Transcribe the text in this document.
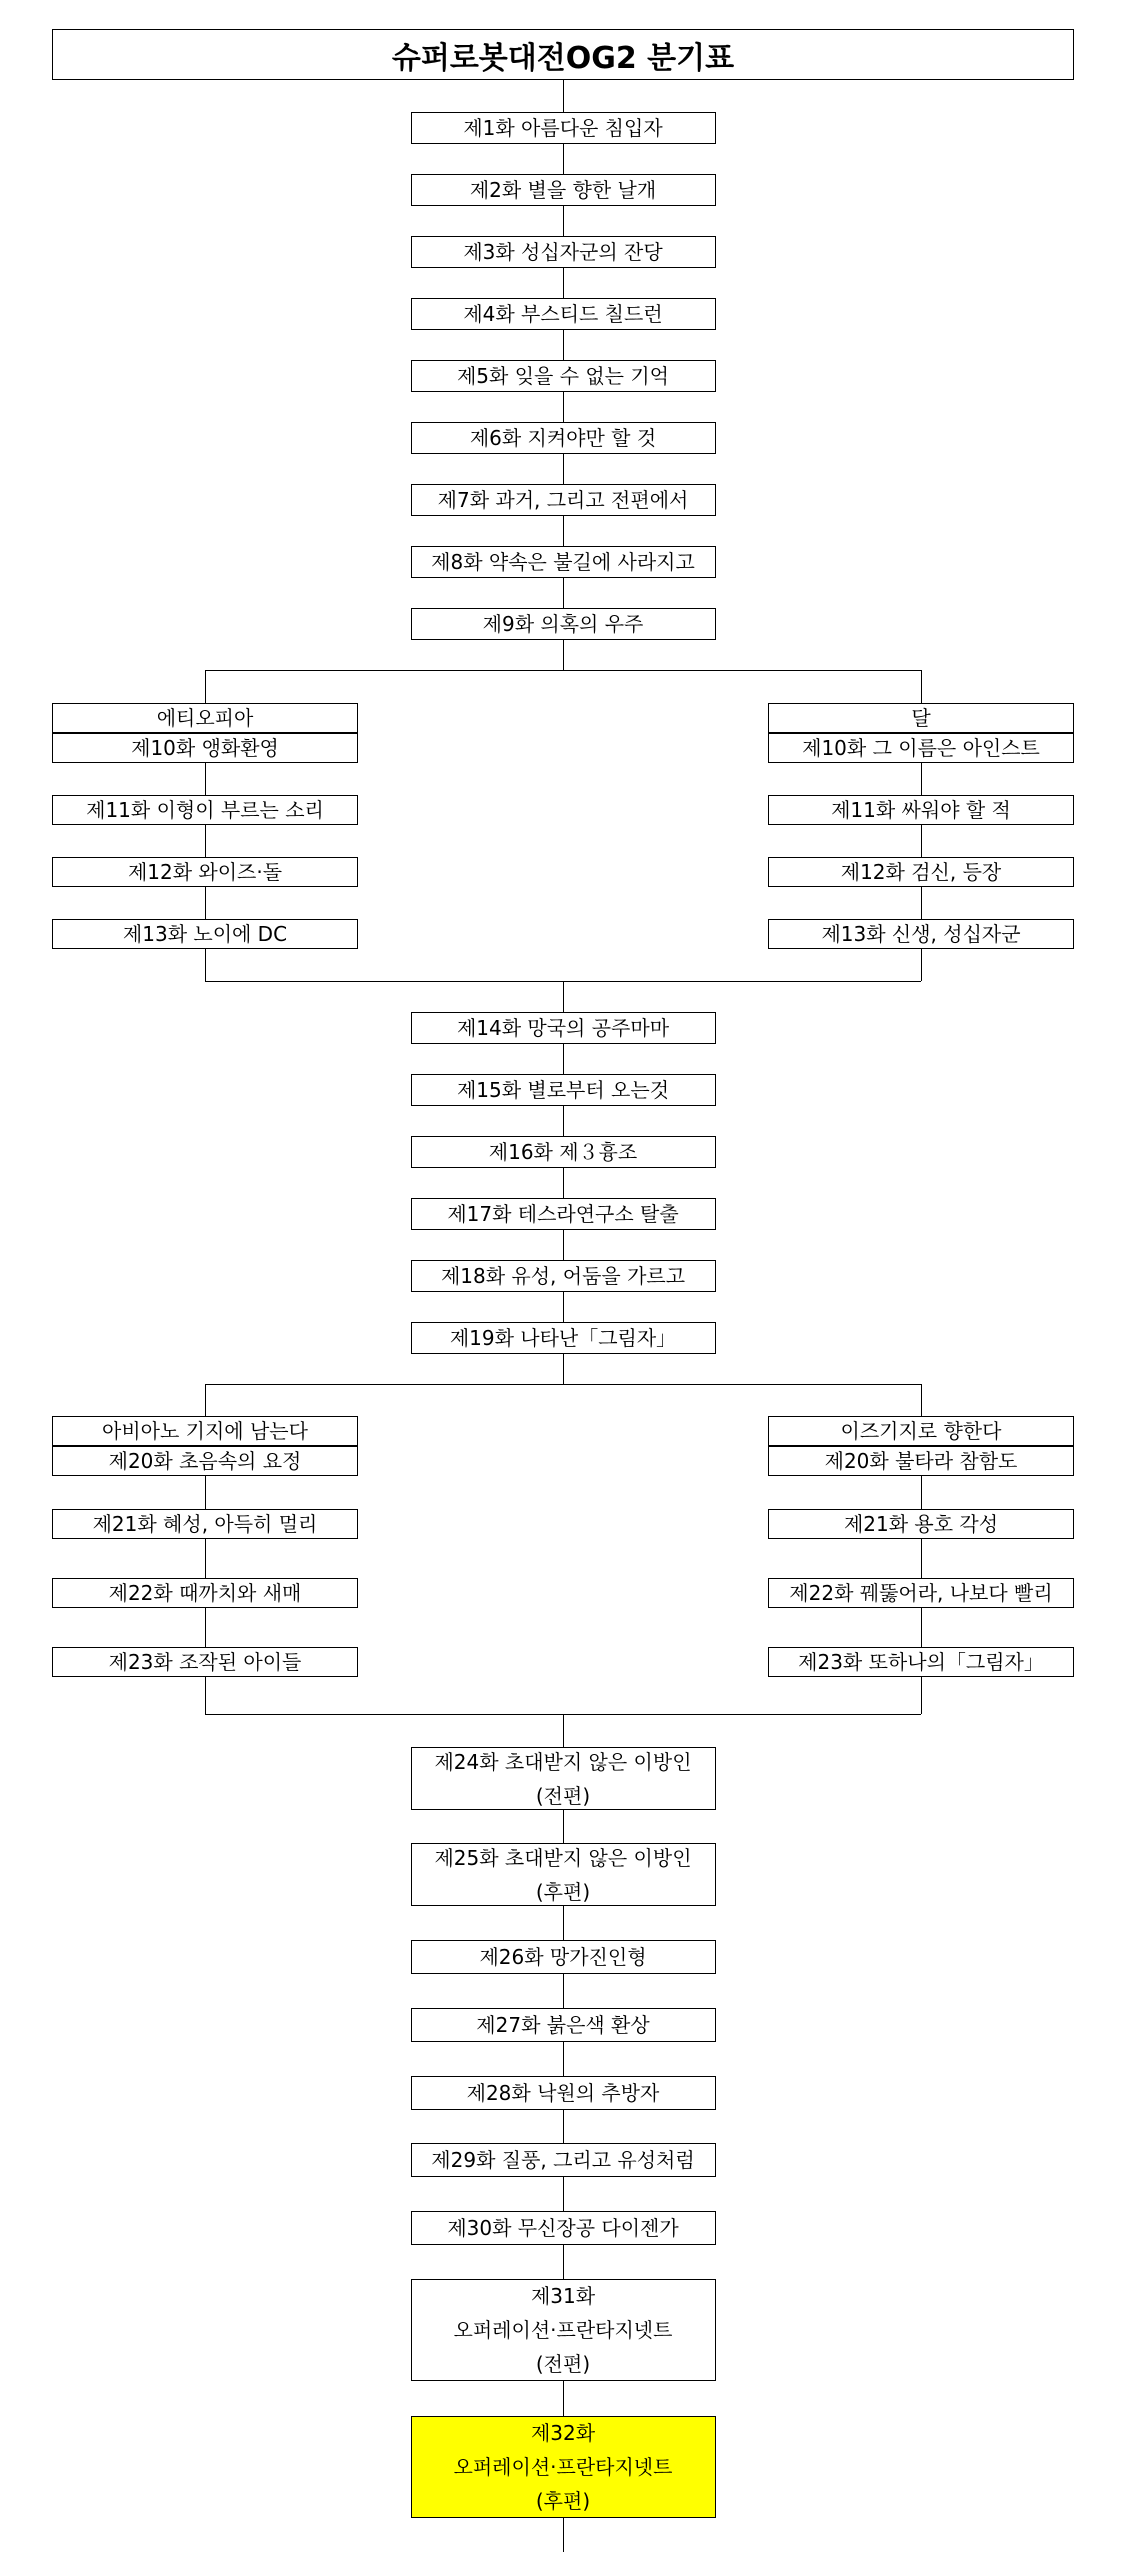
슈퍼로봇대전OG2 분기표
제1화 아름다운 침입자
제2화 별을 향한 날개
제3화 성십자군의 잔당
제4화 부스티드 칠드런
제5화 잊을 수 없는 기억
제6화 지켜야만 할 것
제7화 과거, 그리고 전편에서
제8화 약속은 불길에 사라지고
제9화 의혹의 우주
에티오피아
제10화 앵화환영
제11화 이형이 부르는 소리
제12화 와이즈·돌
제13화 노이에 DC
달
제10화 그 이름은 아인스트
제11화 싸워야 할 적
제12화 검신, 등장
제13화 신생, 성십자군
제14화 망국의 공주마마
제15화 별로부터 오는것
제16화 제３흉조
제17화 테스라연구소 탈출
제18화 유성, 어둠을 가르고
제19화 나타난「그림자」
아비아노 기지에 남는다
제20화 초음속의 요정
제21화 혜성, 아득히 멀리
제22화 때까치와 새매
제23화 조작된 아이들
이즈기지로 향한다
제20화 불타라 참함도
제21화 용호 각성
제22화 꿰뚫어라, 나보다 빨리
제23화 또하나의「그림자」
제24화 초대받지 않은 이방인
(전편)
제25화 초대받지 않은 이방인
(후편)
제26화 망가진인형
제27화 붉은색 환상
제28화 낙원의 추방자
제29화 질풍, 그리고 유성처럼
제30화 무신장공 다이젠가
제31화
오퍼레이션·프란타지넷트
(전편)
제32화
오퍼레이션·프란타지넷트
(후편)
